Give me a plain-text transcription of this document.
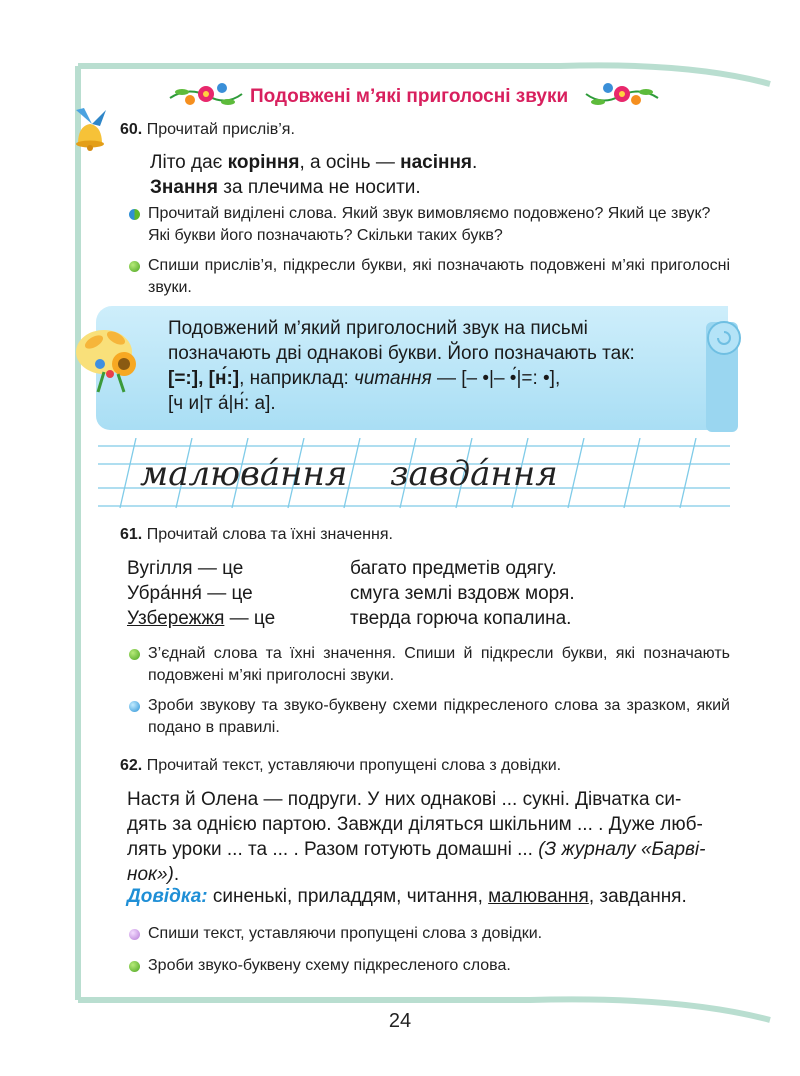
Подовжені м’які приголосні звуки
60. Прочитай прислів’я.
Літо дає коріння, а осінь — насіння.
Знання за плечима не носити.
Прочитай виділені слова. Який звук вимовляємо подовжено? Який це звук? Які букви його позначають? Скільки таких букв?
Спиши прислів’я, підкресли букви, які позначають подовжені м’які приголосні звуки.
Подовжений м’який приголосний звук на письмі
позначають дві однакові букви. Його позначають так:
[=:], [н́:], наприклад: читання — [– •|– •́|=: •],
[ч и|т а́|н́: а].
малюва́ння завда́ння
61. Прочитай слова та їхні значення.
Вугілля — це
Убра́ння́ — це
Узбережжя — це
багато предметів одягу.
смуга землі вздовж моря.
тверда горюча копалина.
З’єднай слова та їхні значення. Спиши й підкресли букви, які позначають подовжені м’які приголосні звуки.
Зроби звукову та звуко-буквену схеми підкресленого слова за зразком, який подано в правилі.
62. Прочитай текст, уставляючи пропущені слова з довідки.
Настя й Олена — подруги. У них однакові ... сукні. Дівчатка си-
дять за однією партою. Завжди діляться шкільним ... . Дуже люб-
лять уроки ... та ... . Разом готують домашні ... (З журналу «Барві-
нок»).
Довідка: синенькі, приладдям, читання, малювання, завдання.
Спиши текст, уставляючи пропущені слова з довідки.
Зроби звуко-буквену схему підкресленого слова.
24
